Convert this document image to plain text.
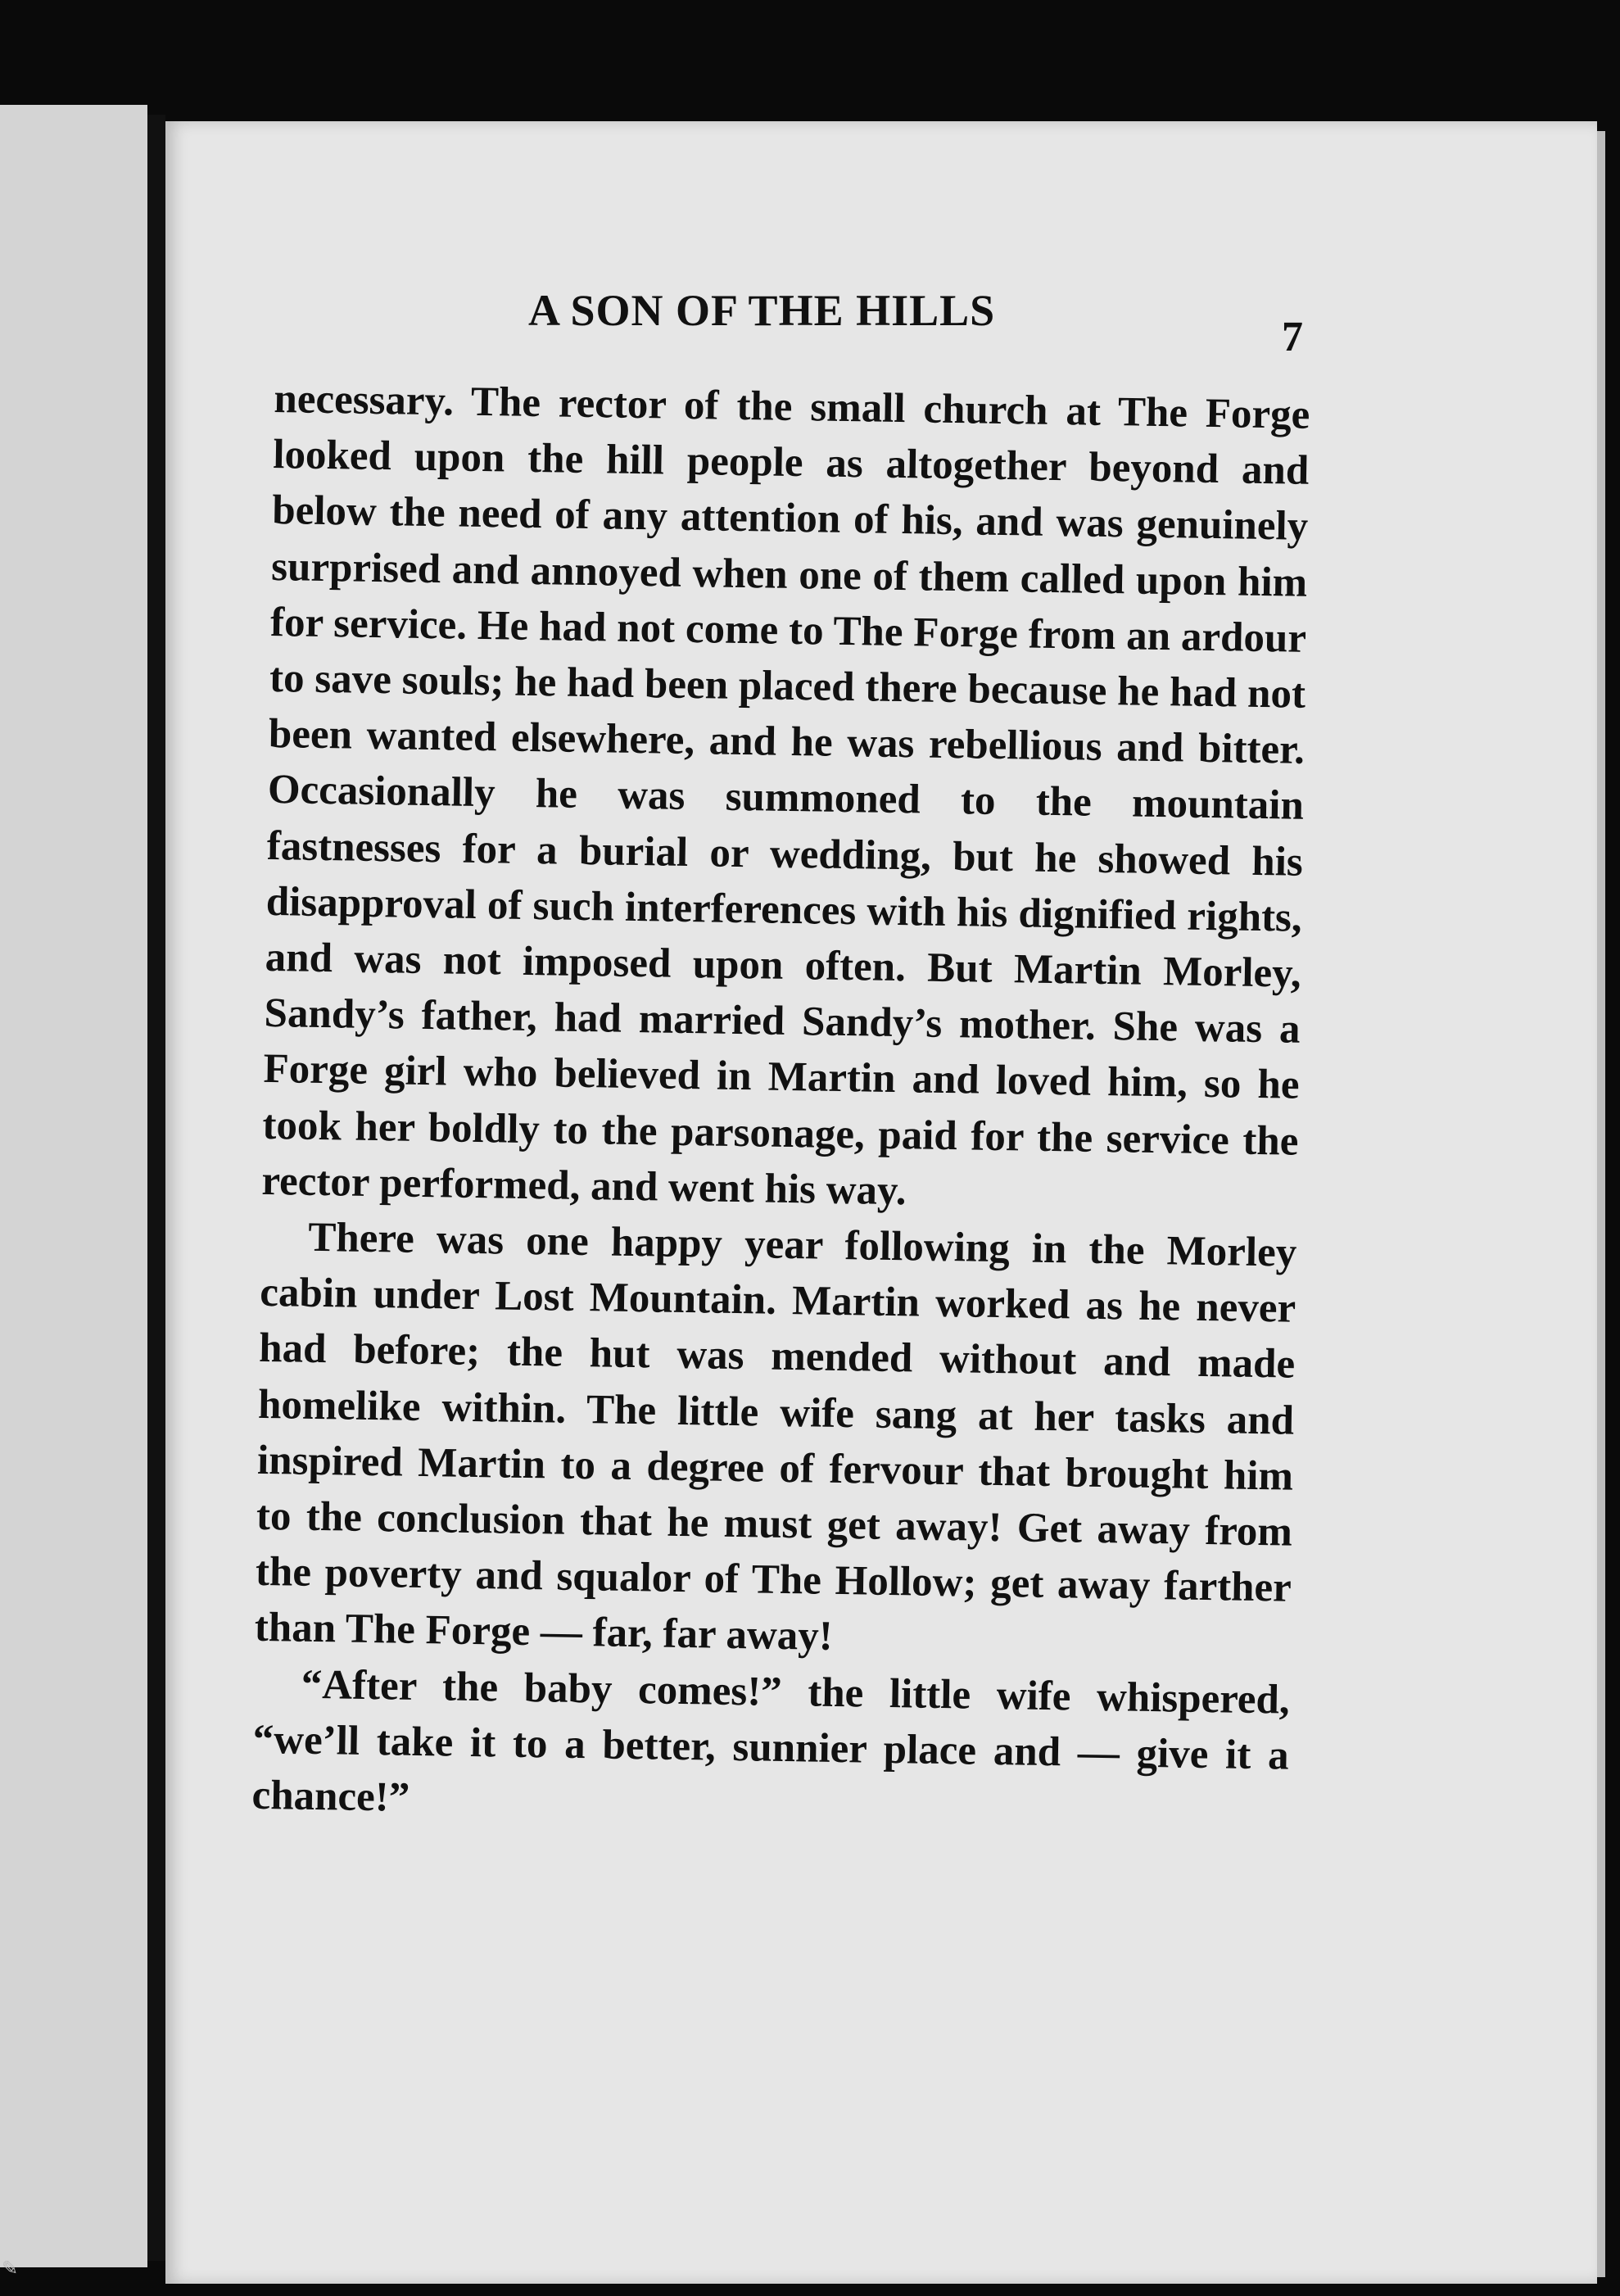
A SON OF THE HILLS
7

necessary. The rector of the small church at The Forge looked upon the hill people as altogether beyond and below the need of any attention of his, and was genuinely surprised and annoyed when one of them called upon him for service. He had not come to The Forge from an ardour to save souls; he had been placed there because he had not been wanted elsewhere, and he was rebellious and bitter. Occasionally he was summoned to the mountain fastnesses for a burial or wedding, but he showed his disapproval of such interferences with his dignified rights, and was not imposed upon often. But Martin Morley, Sandy’s father, had married Sandy’s mother. She was a Forge girl who believed in Martin and loved him, so he took her boldly to the parsonage, paid for the service the rector performed, and went his way.

There was one happy year following in the Morley cabin under Lost Mountain. Martin worked as he never had before; the hut was mended without and made homelike within. The little wife sang at her tasks and inspired Martin to a degree of fervour that brought him to the conclusion that he must get away! Get away from the poverty and squalor of The Hollow; get away farther than The Forge — far, far away!

“After the baby comes!” the little wife whispered, “we’ll take it to a better, sunnier place and — give it a chance!”

✎
